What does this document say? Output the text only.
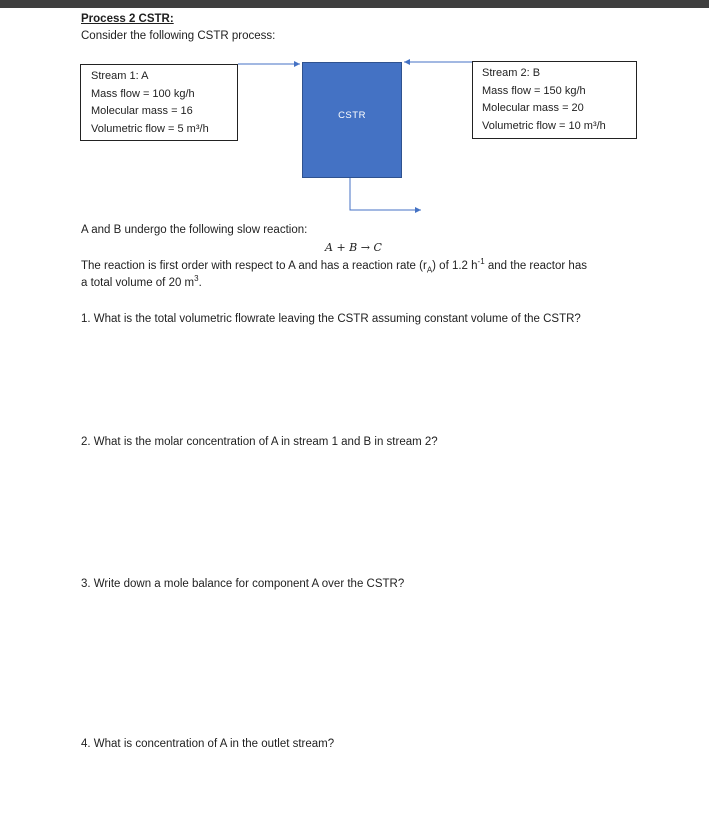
Process 2 CSTR:
Consider the following CSTR process:
Stream 1: A
Mass flow = 100 kg/h
Molecular mass = 16
Volumetric flow = 5 m³/h
CSTR
Stream 2: B
Mass flow = 150 kg/h
Molecular mass = 20
Volumetric flow = 10 m³/h
A and B undergo the following slow reaction:
A + B → C
The reaction is first order with respect to A and has a reaction rate $(r_A)$ of 1.2 $h^{-1}$ and the reactor has
a total volume of 20 $m^3$.
1. What is the total volumetric flowrate leaving the CSTR assuming constant volume of the CSTR?
2. What is the molar concentration of A in stream 1 and B in stream 2?
3. Write down a mole balance for component A over the CSTR?
4. What is concentration of A in the outlet stream?
